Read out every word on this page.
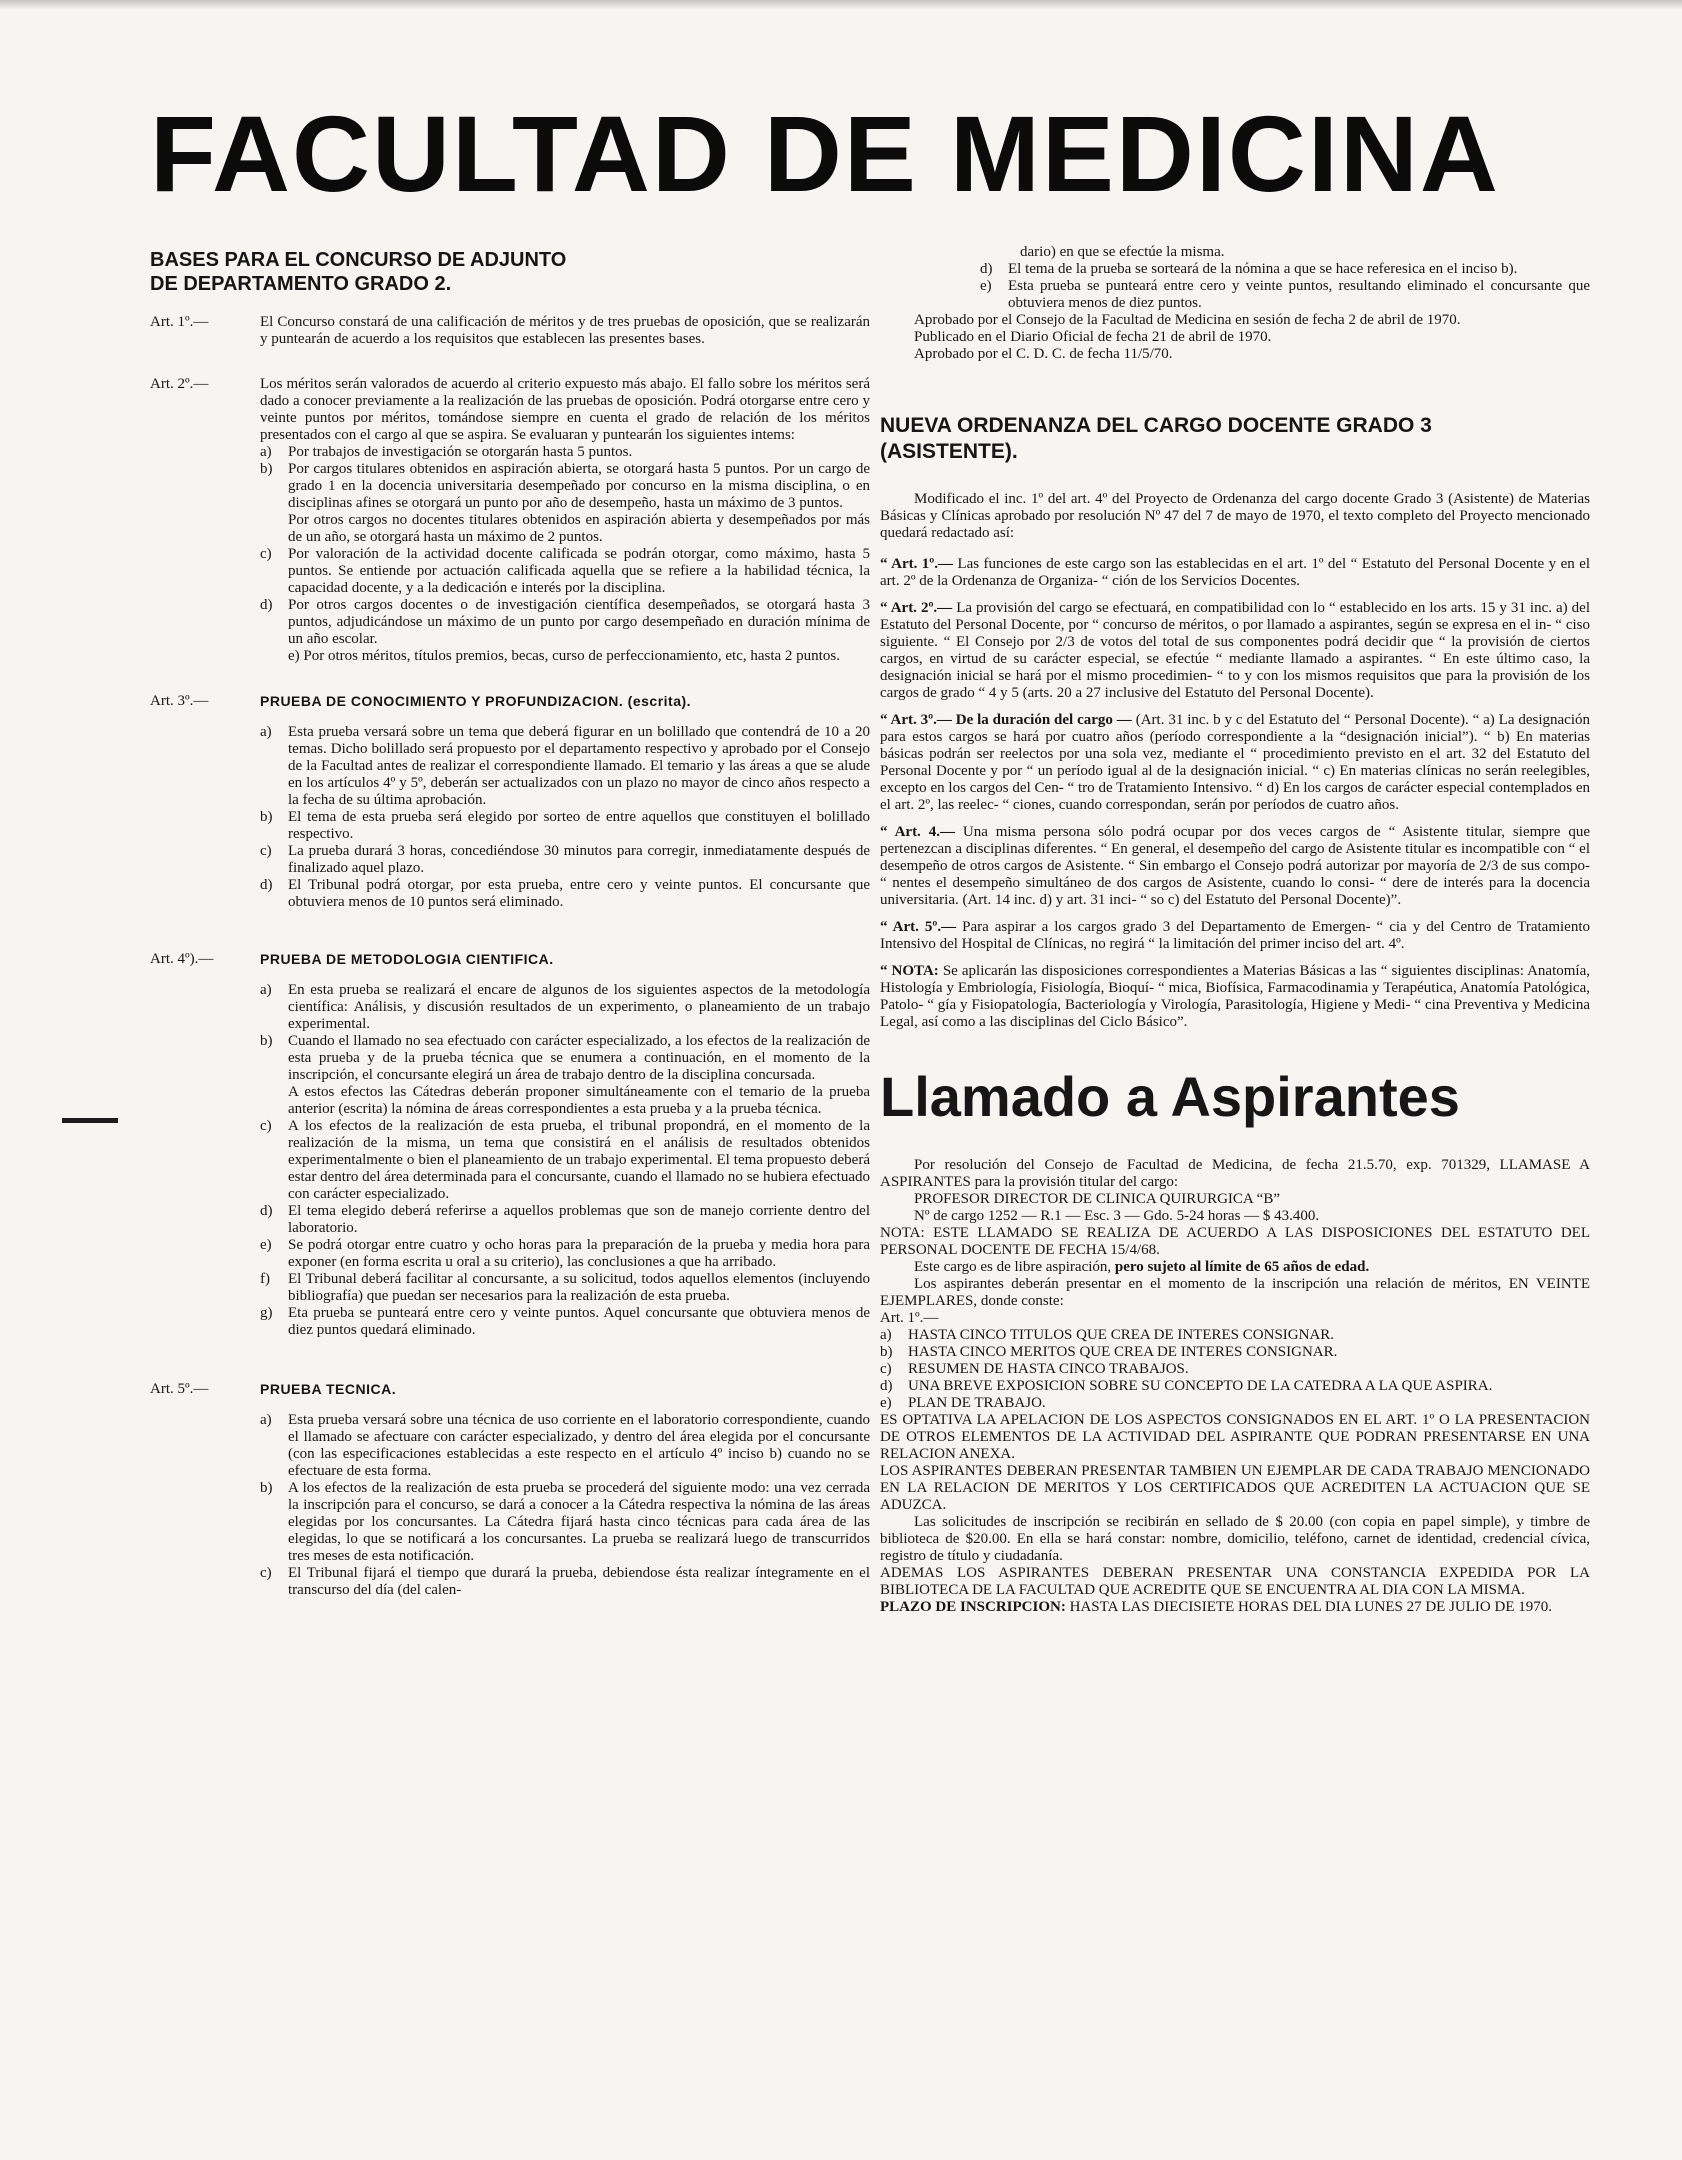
FACULTAD DE MEDICINA
BASES PARA EL CONCURSO DE ADJUNTO
DE DEPARTAMENTO GRADO 2.
Art. 1º.—	El Concurso constará de una calificación de méritos y de tres pruebas de oposición, que se realizarán y puntearán de acuerdo a los requisitos que establecen las presentes bases.
Art. 2º.—	Los méritos serán valorados de acuerdo al criterio expuesto más abajo. El fallo sobre los méritos será dado a conocer previamente a la realización de las pruebas de oposición. Podrá otorgarse entre cero y veinte puntos por méritos, tomándose siempre en cuenta el grado de relación de los méritos presentados con el cargo al que se aspira. Se evaluaran y puntearán los siguientes intems:
a)	Por trabajos de investigación se otorgarán hasta 5 puntos.
b)	Por cargos titulares obtenidos en aspiración abierta, se otorgará hasta 5 puntos. Por un cargo de grado 1 en la docencia universitaria desempeñado por concurso en la misma disciplina, o en disciplinas afines se otorgará un punto por año de desempeño, hasta un máximo de 3 puntos.
Por otros cargos no docentes titulares obtenidos en aspiración abierta y desempeñados por más de un año, se otorgará hasta un máximo de 2 puntos.
c)	Por valoración de la actividad docente calificada se podrán otorgar, como máximo, hasta 5 puntos. Se entiende por actuación calificada aquella que se refiere a la habilidad técnica, la capacidad docente, y a la dedicación e interés por la disciplina.
d)	Por otros cargos docentes o de investigación científica desempeñados, se otorgará hasta 3 puntos, adjudicándose un máximo de un punto por cargo desempeñado en duración mínima de un año escolar.
e) Por otros méritos, títulos premios, becas, curso de perfeccionamiento, etc, hasta 2 puntos.
Art. 3º.—	PRUEBA DE CONOCIMIENTO Y PROFUNDIZACION. (escrita).
a)	Esta prueba versará sobre un tema que deberá figurar en un bolillado que contendrá de 10 a 20 temas. Dicho bolillado será propuesto por el departamento respectivo y aprobado por el Consejo de la Facultad antes de realizar el correspondiente llamado. El temario y las áreas a que se alude en los artículos 4º y 5º, deberán ser actualizados con un plazo no mayor de cinco años respecto a la fecha de su última aprobación.
b)	El tema de esta prueba será elegido por sorteo de entre aquellos que constituyen el bolillado respectivo.
c)	La prueba durará 3 horas, concediéndose 30 minutos para corregir, inmediatamente después de finalizado aquel plazo.
d)	El Tribunal podrá otorgar, por esta prueba, entre cero y veinte puntos. El concursante que obtuviera menos de 10 puntos será eliminado.
Art. 4º).—	PRUEBA DE METODOLOGIA CIENTIFICA.
a)	En esta prueba se realizará el encare de algunos de los siguientes aspectos de la metodología científica: Análisis, y discusión resultados de un experimento, o planeamiento de un trabajo experimental.
b)	Cuando el llamado no sea efectuado con carácter especializado, a los efectos de la realización de esta prueba y de la prueba técnica que se enumera a continuación, en el momento de la inscripción, el concursante elegirá un área de trabajo dentro de la disciplina concursada.
A estos efectos las Cátedras deberán proponer simultáneamente con el temario de la prueba anterior (escrita) la nómina de áreas correspondientes a esta prueba y a la prueba técnica.
c)	A los efectos de la realización de esta prueba, el tribunal propondrá, en el momento de la realización de la misma, un tema que consistirá en el análisis de resultados obtenidos experimentalmente o bien el planeamiento de un trabajo experimental. El tema propuesto deberá estar dentro del área determinada para el concursante, cuando el llamado no se hubiera efectuado con carácter especializado.
d)	El tema elegido deberá referirse a aquellos problemas que son de manejo corriente dentro del laboratorio.
e)	Se podrá otorgar entre cuatro y ocho horas para la preparación de la prueba y media hora para exponer (en forma escrita u oral a su criterio), las conclusiones a que ha arribado.
f)	El Tribunal deberá facilitar al concursante, a su solicitud, todos aquellos elementos (incluyendo bibliografía) que puedan ser necesarios para la realización de esta prueba.
g)	Eta prueba se punteará entre cero y veinte puntos. Aquel concursante que obtuviera menos de diez puntos quedará eliminado.
Art. 5º.—	PRUEBA TECNICA.
a)	Esta prueba versará sobre una técnica de uso corriente en el laboratorio correspondiente, cuando el llamado se afectuare con carácter especializado, y dentro del área elegida por el concursante (con las especificaciones establecidas a este respecto en el artículo 4º inciso b) cuando no se efectuare de esta forma.
b)	A los efectos de la realización de esta prueba se procederá del siguiente modo: una vez cerrada la inscripción para el concurso, se dará a conocer a la Cátedra respectiva la nómina de las áreas elegidas por los concursantes. La Cátedra fijará hasta cinco técnicas para cada área de las elegidas, lo que se notificará a los concursantes. La prueba se realizará luego de transcurridos tres meses de esta notificación.
c)	El Tribunal fijará el tiempo que durará la prueba, debiendose ésta realizar íntegramente en el transcurso del día (del calen-
dario) en que se efectúe la misma.
d)	El tema de la prueba se sorteará de la nómina a que se hace referesica en el inciso b).
e)	Esta prueba se punteará entre cero y veinte puntos, resultando eliminado el concursante que obtuviera menos de diez puntos.
Aprobado por el Consejo de la Facultad de Medicina en sesión de fecha 2 de abril de 1970.
Publicado en el Diario Oficial de fecha 21 de abril de 1970.
Aprobado por el C. D. C. de fecha 11/5/70.
NUEVA ORDENANZA DEL CARGO DOCENTE GRADO 3
(ASISTENTE).
Modificado el inc. 1º del art. 4º del Proyecto de Ordenanza del cargo docente Grado 3 (Asistente) de Materias Básicas y Clínicas aprobado por resolución Nº 47 del 7 de mayo de 1970, el texto completo del Proyecto mencionado quedará redactado así:
“ Art. 1º.— Las funciones de este cargo son las establecidas en el art. 1º del “ Estatuto del Personal Docente y en el art. 2º de la Ordenanza de Organiza- “ ción de los Servicios Docentes.
“ Art. 2º.— La provisión del cargo se efectuará, en compatibilidad con lo “ establecido en los arts. 15 y 31 inc. a) del Estatuto del Personal Docente, por “ concurso de méritos, o por llamado a aspirantes, según se expresa en el in- “ ciso siguiente. “ El Consejo por 2/3 de votos del total de sus componentes podrá decidir que “ la provisión de ciertos cargos, en virtud de su carácter especial, se efectúe “ mediante llamado a aspirantes. “ En este último caso, la designación inicial se hará por el mismo procedimien- “ to y con los mismos requisitos que para la provisión de los cargos de grado “ 4 y 5 (arts. 20 a 27 inclusive del Estatuto del Personal Docente).
“ Art. 3º.— De la duración del cargo — (Art. 31 inc. b y c del Estatuto del “ Personal Docente). “ a) La designación para estos cargos se hará por cuatro años (período correspondiente a la “designación inicial”). “ b) En materias básicas podrán ser reelectos por una sola vez, mediante el “ procedimiento previsto en el art. 32 del Estatuto del Personal Docente y por “ un período igual al de la designación inicial. “ c) En materias clínicas no serán reelegibles, excepto en los cargos del Cen- “ tro de Tratamiento Intensivo. “ d) En los cargos de carácter especial contemplados en el art. 2º, las reelec- “ ciones, cuando correspondan, serán por períodos de cuatro años.
“ Art. 4.— Una misma persona sólo podrá ocupar por dos veces cargos de “ Asistente titular, siempre que pertenezcan a disciplinas diferentes. “ En general, el desempeño del cargo de Asistente titular es incompatible con “ el desempeño de otros cargos de Asistente. “ Sin embargo el Consejo podrá autorizar por mayoría de 2/3 de sus compo- “ nentes el desempeño simultáneo de dos cargos de Asistente, cuando lo consi- “ dere de interés para la docencia universitaria. (Art. 14 inc. d) y art. 31 inci- “ so c) del Estatuto del Personal Docente)”.
“ Art. 5º.— Para aspirar a los cargos grado 3 del Departamento de Emergen- “ cia y del Centro de Tratamiento Intensivo del Hospital de Clínicas, no regirá “ la limitación del primer inciso del art. 4º.
“ NOTA: Se aplicarán las disposiciones correspondientes a Materias Básicas a las “ siguientes disciplinas: Anatomía, Histología y Embriología, Fisiología, Bioquí- “ mica, Biofísica, Farmacodinamia y Terapéutica, Anatomía Patológica, Patolo- “ gía y Fisiopatología, Bacteriología y Virología, Parasitología, Higiene y Medi- “ cina Preventiva y Medicina Legal, así como a las disciplinas del Ciclo Básico”.
Llamado a Aspirantes
Por resolución del Consejo de Facultad de Medicina, de fecha 21.5.70, exp. 701329, LLAMASE A ASPIRANTES para la provisión titular del cargo:
PROFESOR DIRECTOR DE CLINICA QUIRURGICA “B”
Nº de cargo 1252 — R.1 — Esc. 3 — Gdo. 5-24 horas — $ 43.400.
NOTA: ESTE LLAMADO SE REALIZA DE ACUERDO A LAS DISPOSICIONES DEL ESTATUTO DEL PERSONAL DOCENTE DE FECHA 15/4/68.
Este cargo es de libre aspiración, pero sujeto al límite de 65 años de edad.
Los aspirantes deberán presentar en el momento de la inscripción una relación de méritos, EN VEINTE EJEMPLARES, donde conste:
Art. 1º.—
a)	HASTA CINCO TITULOS QUE CREA DE INTERES CONSIGNAR.
b)	HASTA CINCO MERITOS QUE CREA DE INTERES CONSIGNAR.
c)	RESUMEN DE HASTA CINCO TRABAJOS.
d)	UNA BREVE EXPOSICION SOBRE SU CONCEPTO DE LA CATEDRA A LA QUE ASPIRA.
e)	PLAN DE TRABAJO.
ES OPTATIVA LA APELACION DE LOS ASPECTOS CONSIGNADOS EN EL ART. 1º O LA PRESENTACION DE OTROS ELEMENTOS DE LA ACTIVIDAD DEL ASPIRANTE QUE PODRAN PRESENTARSE EN UNA RELACION ANEXA.
LOS ASPIRANTES DEBERAN PRESENTAR TAMBIEN UN EJEMPLAR DE CADA TRABAJO MENCIONADO EN LA RELACION DE MERITOS Y LOS CERTIFICADOS QUE ACREDITEN LA ACTUACION QUE SE ADUZCA.
Las solicitudes de inscripción se recibirán en sellado de $ 20.00 (con copia en papel simple), y timbre de biblioteca de $20.00. En ella se hará constar: nombre, domicilio, teléfono, carnet de identidad, credencial cívica, registro de título y ciudadanía.
ADEMAS LOS ASPIRANTES DEBERAN PRESENTAR UNA CONSTANCIA EXPEDIDA POR LA BIBLIOTECA DE LA FACULTAD QUE ACREDITE QUE SE ENCUENTRA AL DIA CON LA MISMA.
PLAZO DE INSCRIPCION: HASTA LAS DIECISIETE HORAS DEL DIA LUNES 27 DE JULIO DE 1970.
